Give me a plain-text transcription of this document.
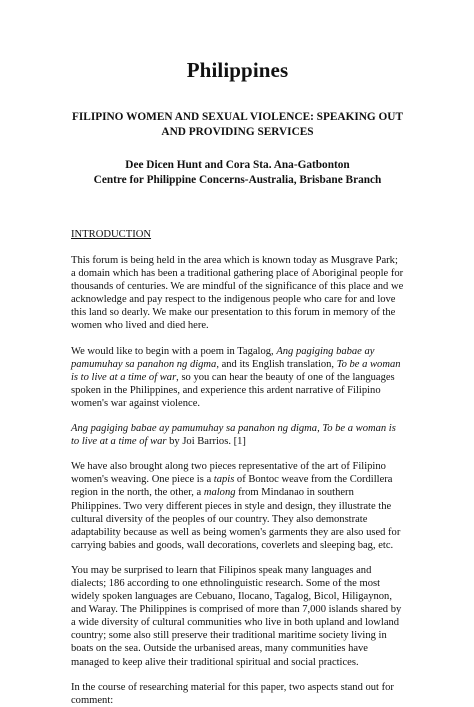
Philippines
FILIPINO WOMEN AND SEXUAL VIOLENCE: SPEAKING OUT AND PROVIDING SERVICES
Dee Dicen Hunt and Cora Sta. Ana-Gatbonton
Centre for Philippine Concerns-Australia, Brisbane Branch
INTRODUCTION

This forum is being held in the area which is known today as Musgrave Park; a domain which has been a traditional gathering place of Aboriginal people for thousands of centuries. We are mindful of the significance of this place and we acknowledge and pay respect to the indigenous people who care for and love this land so dearly. We make our presentation to this forum in memory of the women who lived and died here.

We would like to begin with a poem in Tagalog, Ang pagiging babae ay pamumuhay sa panahon ng digma, and its English translation, To be a woman is to live at a time of war, so you can hear the beauty of one of the languages spoken in the Philippines, and experience this ardent narrative of Filipino women's war against violence.

Ang pagiging babae ay pamumuhay sa panahon ng digma, To be a woman is to live at a time of war by Joi Barrios. [1]

We have also brought along two pieces representative of the art of Filipino women's weaving. One piece is a tapis of Bontoc weave from the Cordillera region in the north, the other, a malong from Mindanao in southern Philippines. Two very different pieces in style and design, they illustrate the cultural diversity of the peoples of our country. They also demonstrate adaptability because as well as being women's garments they are also used for carrying babies and goods, wall decorations, coverlets and sleeping bag, etc.

You may be surprised to learn that Filipinos speak many languages and dialects; 186 according to one ethnolinguistic research. Some of the most widely spoken languages are Cebuano, Ilocano, Tagalog, Bicol, Hiligaynon, and Waray. The Philippines is comprised of more than 7,000 islands shared by a wide diversity of cultural communities who live in both upland and lowland country; some also still preserve their traditional maritime society living in boats on the sea. Outside the urbanised areas, many communities have managed to keep alive their traditional spiritual and social practices.

In the course of researching material for this paper, two aspects stand out for comment:
